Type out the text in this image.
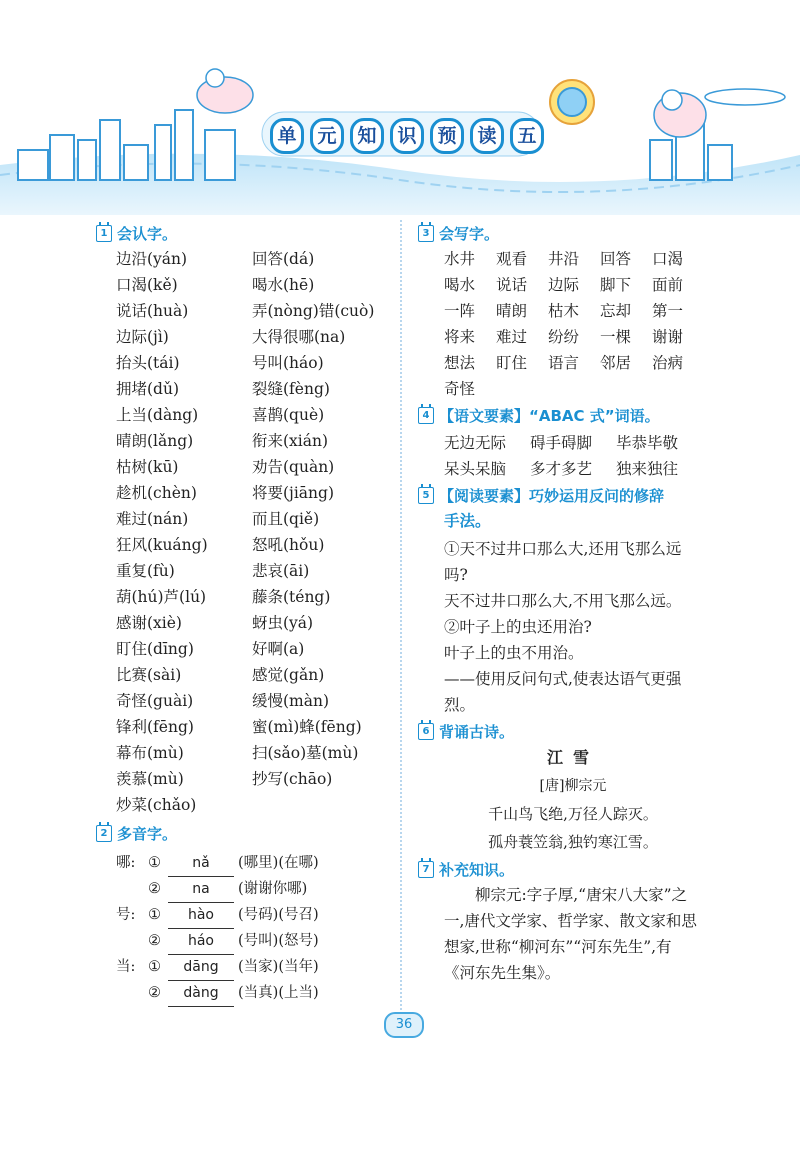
单	元	知	识	预	读	五
1 会认字。
边沿(yán)	回答(dá)
口渴(kě)	喝水(hē)
说话(huà)	弄(nòng)错(cuò)
边际(jì)	大得很哪(na)
抬头(tái)	号叫(háo)
拥堵(dǔ)	裂缝(fèng)
上当(dàng)	喜鹊(què)
晴朗(lǎng)	衔来(xián)
枯树(kū)	劝告(quàn)
趁机(chèn)	将要(jiāng)
难过(nán)	而且(qiě)
狂风(kuáng)	怒吼(hǒu)
重复(fù)	悲哀(āi)
葫(hú)芦(lú)	藤条(téng)
感谢(xiè)	蚜虫(yá)
盯住(dīng)	好啊(a)
比赛(sài)	感觉(gǎn)
奇怪(guài)	缓慢(màn)
锋利(fēng)	蜜(mì)蜂(fēng)
幕布(mù)	扫(sǎo)墓(mù)
羡慕(mù)	抄写(chāo)
炒菜(chǎo)
2 多音字。
哪: ① nǎ (哪里)(在哪)
② na (谢谢你哪)
号: ① hào (号码)(号召)
② háo (号叫)(怒号)
当: ① dāng (当家)(当年)
② dàng (当真)(上当)
3 会写字。
水井	观看	井沿	回答	口渴
喝水	说话	边际	脚下	面前
一阵	晴朗	枯木	忘却	第一
将来	难过	纷纷	一棵	谢谢
想法	盯住	语言	邻居	治病
奇怪
4 【语文要素】“ABAC 式”词语。
无边无际	碍手碍脚	毕恭毕敬
呆头呆脑	多才多艺	独来独往
5 【阅读要素】巧妙运用反问的修辞
手法。
①天不过井口那么大,还用飞那么远吗?
天不过井口那么大,不用飞那么远。
②叶子上的虫还用治?
叶子上的虫不用治。
——使用反问句式,使表达语气更强烈。
6 背诵古诗。
江雪
[唐]柳宗元
千山鸟飞绝,万径人踪灭。
孤舟蓑笠翁,独钓寒江雪。
7 补充知识。
柳宗元:字子厚,“唐宋八大家”之一,唐代文学家、哲学家、散文家和思想家,世称“柳河东”“河东先生”,有《河东先生集》。
36
